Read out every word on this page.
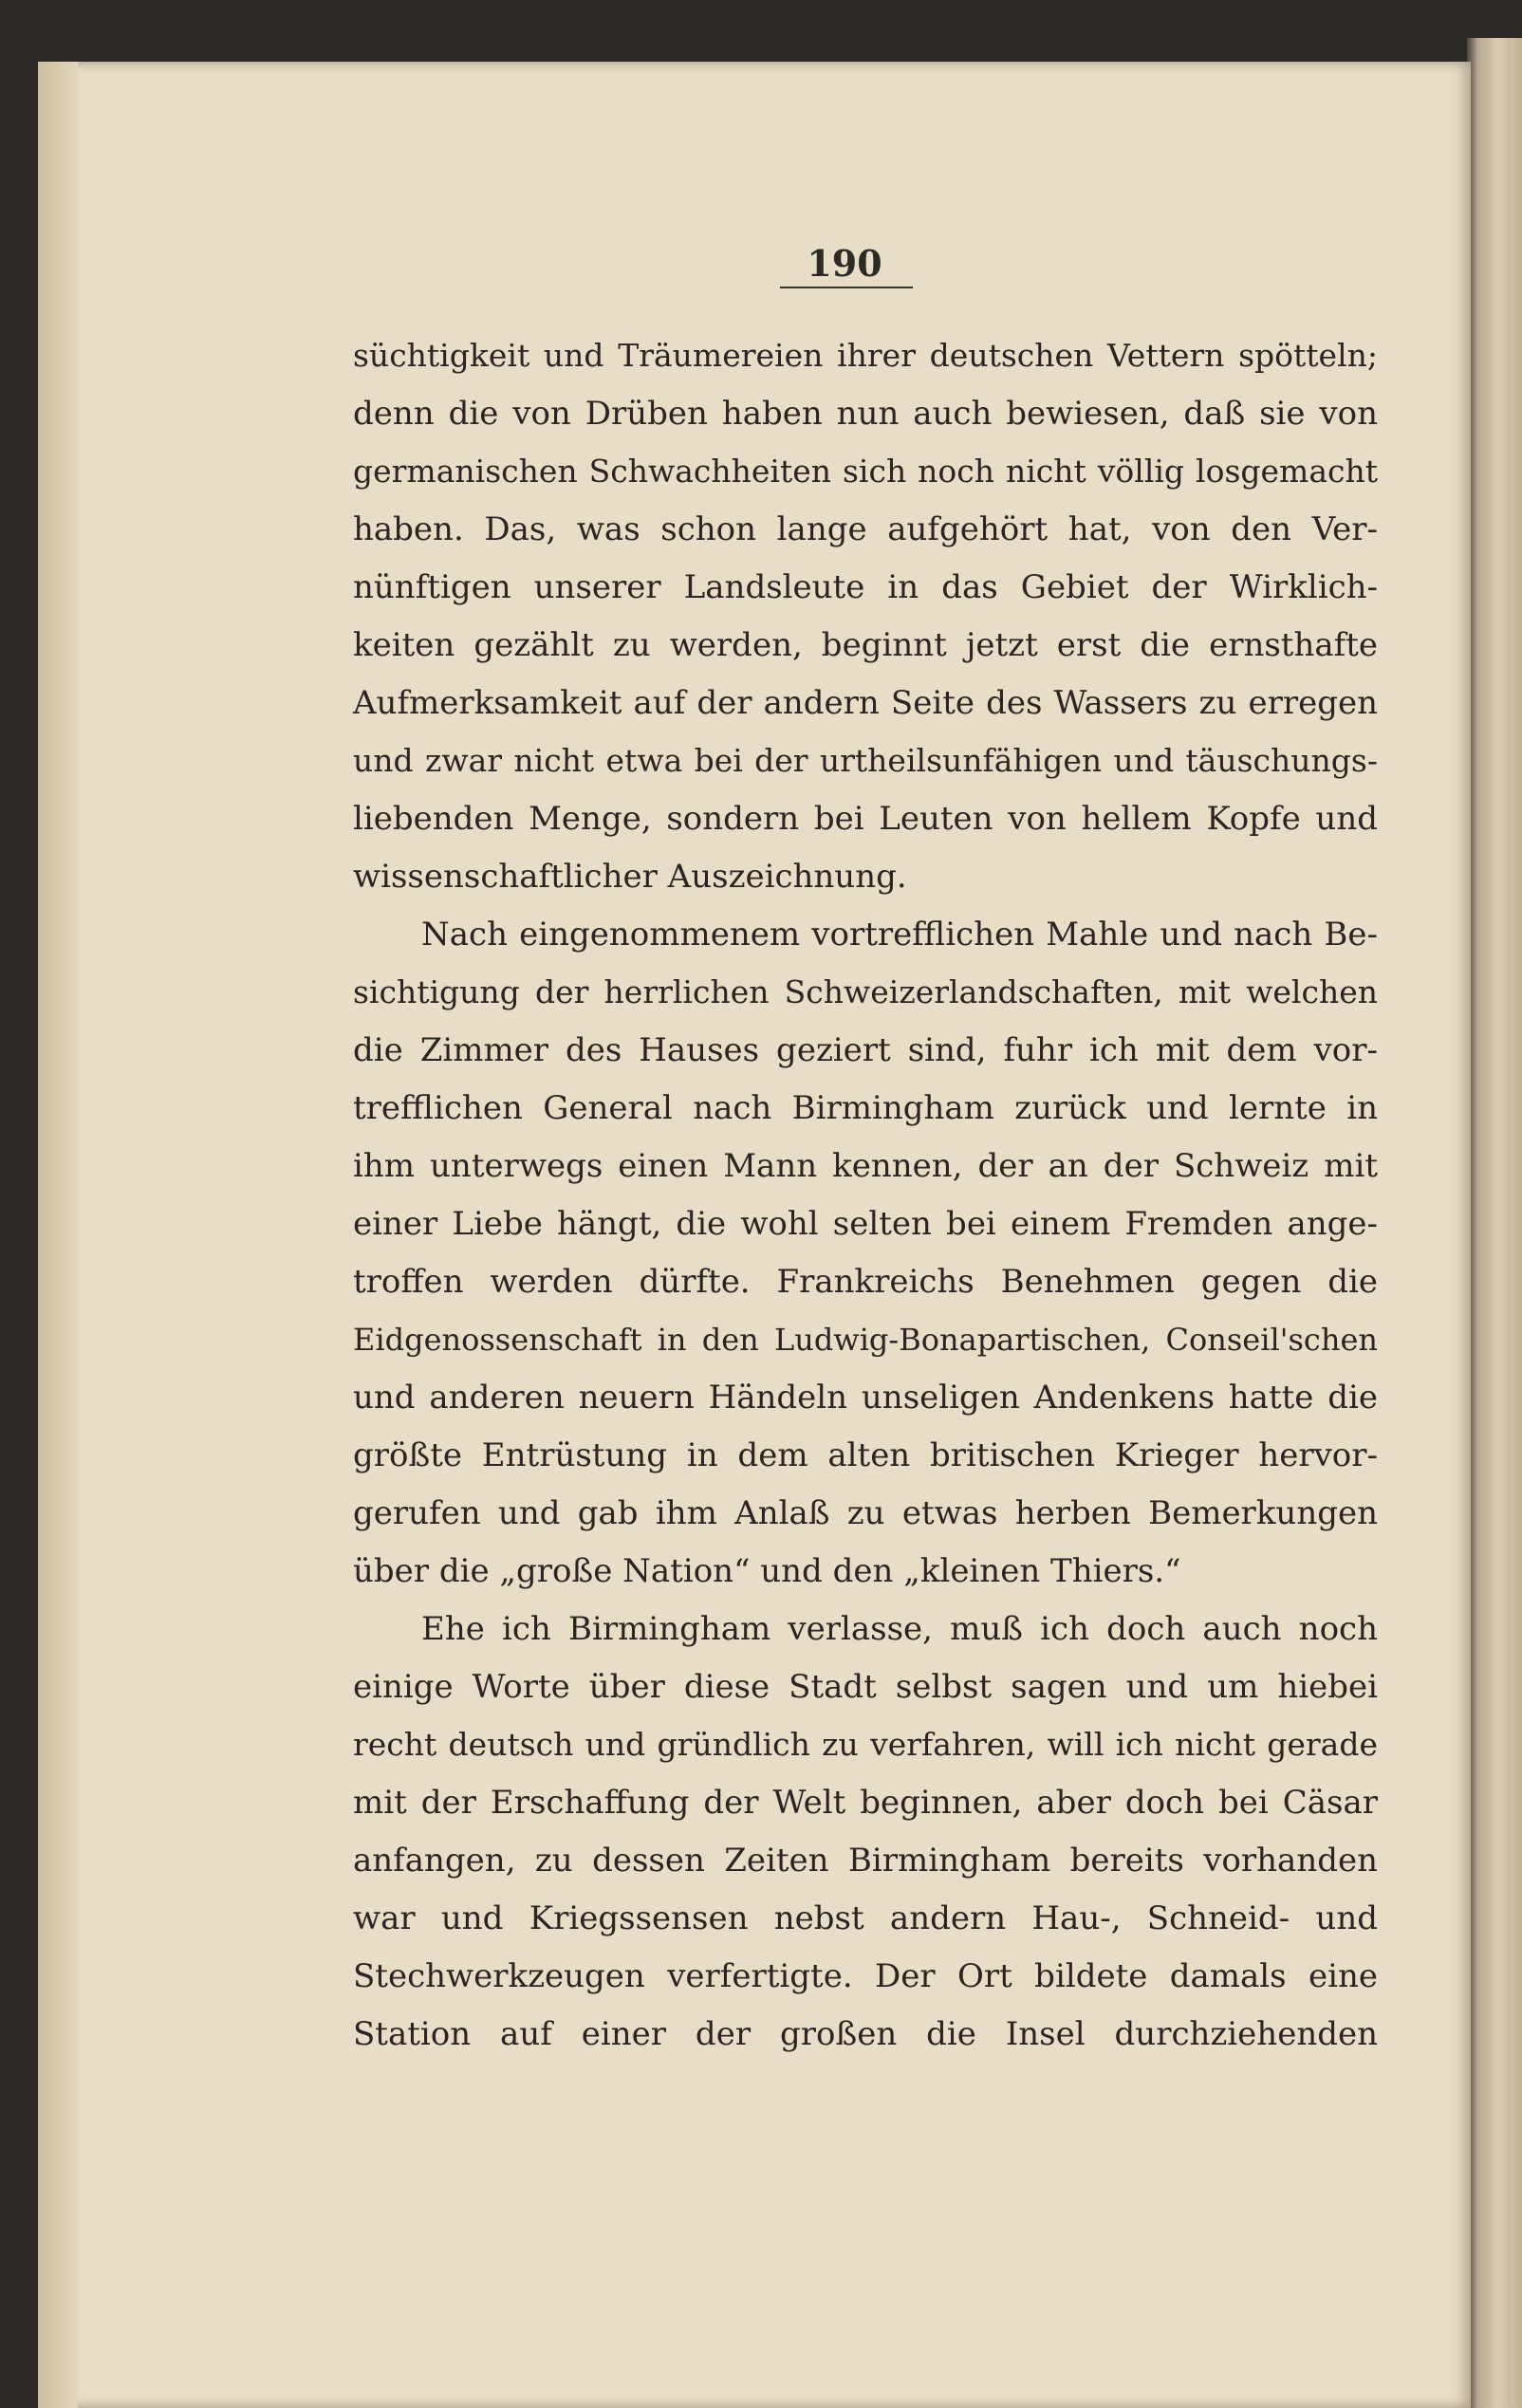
190
süchtigkeit und Träumereien ihrer deutschen Vettern spötteln;
denn die von Drüben haben nun auch bewiesen, daß sie von
germanischen Schwachheiten sich noch nicht völlig losgemacht
haben. Das, was schon lange aufgehört hat, von den Ver-
nünftigen unserer Landsleute in das Gebiet der Wirklich-
keiten gezählt zu werden, beginnt jetzt erst die ernsthafte
Aufmerksamkeit auf der andern Seite des Wassers zu erregen
und zwar nicht etwa bei der urtheilsunfähigen und täuschungs-
liebenden Menge, sondern bei Leuten von hellem Kopfe und
wissenschaftlicher Auszeichnung.
Nach eingenommenem vortrefflichen Mahle und nach Be-
sichtigung der herrlichen Schweizerlandschaften, mit welchen
die Zimmer des Hauses geziert sind, fuhr ich mit dem vor-
trefflichen General nach Birmingham zurück und lernte in
ihm unterwegs einen Mann kennen, der an der Schweiz mit
einer Liebe hängt, die wohl selten bei einem Fremden ange-
troffen werden dürfte. Frankreichs Benehmen gegen die
Eidgenossenschaft in den Ludwig-Bonapartischen, Conseil'schen
und anderen neuern Händeln unseligen Andenkens hatte die
größte Entrüstung in dem alten britischen Krieger hervor-
gerufen und gab ihm Anlaß zu etwas herben Bemerkungen
über die „große Nation“ und den „kleinen Thiers.“
Ehe ich Birmingham verlasse, muß ich doch auch noch
einige Worte über diese Stadt selbst sagen und um hiebei
recht deutsch und gründlich zu verfahren, will ich nicht gerade
mit der Erschaffung der Welt beginnen, aber doch bei Cäsar
anfangen, zu dessen Zeiten Birmingham bereits vorhanden
war und Kriegssensen nebst andern Hau-, Schneid- und
Stechwerkzeugen verfertigte. Der Ort bildete damals eine
Station auf einer der großen die Insel durchziehenden
